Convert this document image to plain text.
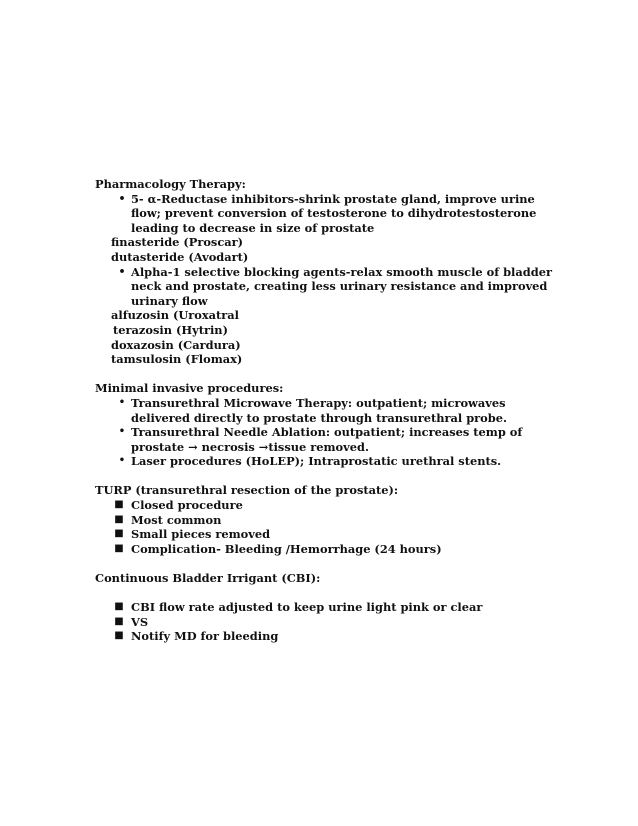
Pharmacology Therapy:
• 5- α-Reductase inhibitors-shrink prostate gland, improve urine flow; prevent conversion of testosterone to dihydrotestosterone leading to decrease in size of prostate
finasteride (Proscar)
dutasteride (Avodart)
• Alpha-1 selective blocking agents-relax smooth muscle of bladder neck and prostate, creating less urinary resistance and improved urinary flow
alfuzosin (Uroxatral
terazosin (Hytrin)
doxazosin (Cardura)
tamsulosin (Flomax)
Minimal invasive procedures:
• Transurethral Microwave Therapy: outpatient; microwaves delivered directly to prostate through transurethral probe.
• Transurethral Needle Ablation: outpatient; increases temp of prostate → necrosis →tissue removed.
• Laser procedures (HoLEP); Intraprostatic urethral stents.
TURP (transurethral resection of the prostate):
■ Closed procedure
■ Most common
■ Small pieces removed
■ Complication- Bleeding /Hemorrhage (24 hours)
Continuous Bladder Irrigant (CBI):
■ CBI flow rate adjusted to keep urine light pink or clear
■ VS
■ Notify MD for bleeding
